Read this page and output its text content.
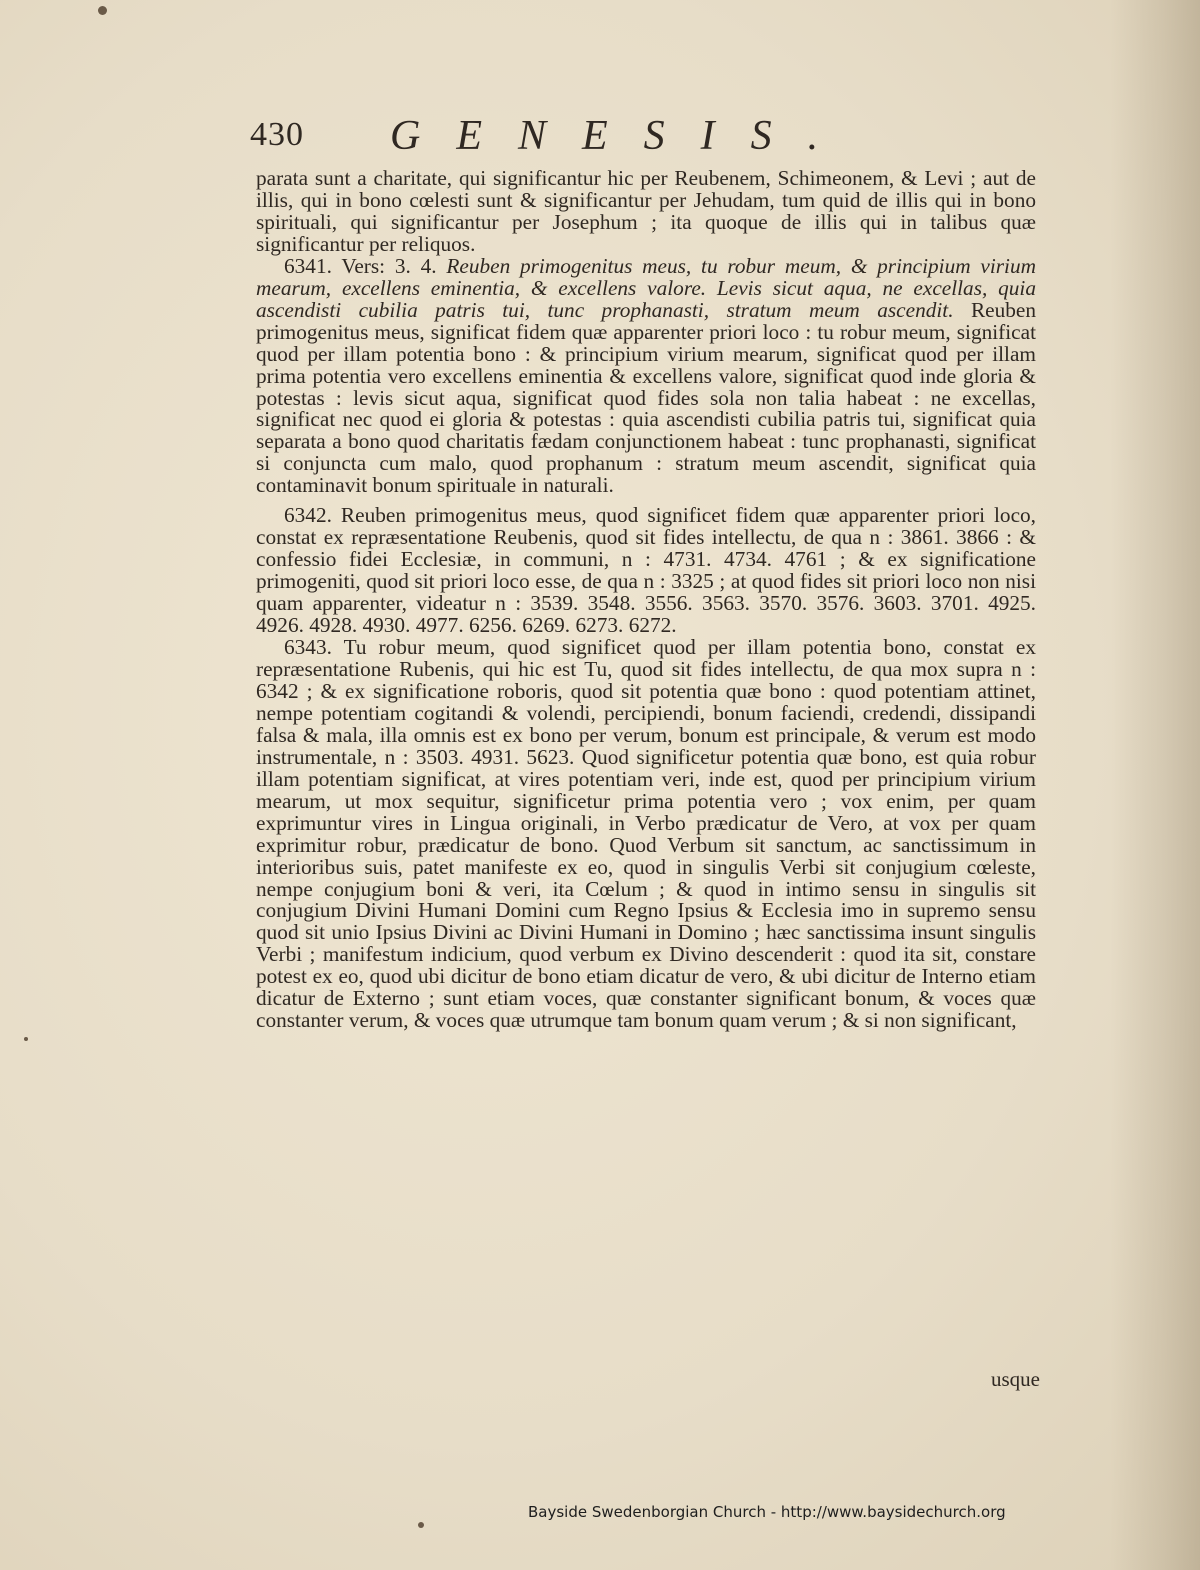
430 GENESIS.

parata sunt a charitate, qui significantur hic per Reubenem, Schimeonem, & Levi ; aut de illis, qui in bono cœlesti sunt & significantur per Jehudam, tum quid de illis qui in bono spirituali, qui significantur per Josephum ; ita quoque de illis qui in talibus quæ significantur per reliquos.

6341. Vers: 3. 4. Reuben primogenitus meus, tu robur meum, & principium virium mearum, excellens eminentia, & excellens valore. Levis sicut aqua, ne excellas, quia ascendisti cubilia patris tui, tunc prophanasti, stratum meum ascendit. Reuben primogenitus meus, significat fidem quæ apparenter priori loco : tu robur meum, significat quod per illam potentia bono : & principium virium mearum, significat quod per illam prima potentia vero excellens eminentia & excellens valore, significat quod inde gloria & potestas : levis sicut aqua, significat quod fides sola non talia habeat : ne excellas, significat nec quod ei gloria & potestas : quia ascendisti cubilia patris tui, significat quia separata a bono quod charitatis fædam conjunctionem habeat : tunc prophanasti, significat si conjuncta cum malo, quod prophanum : stratum meum ascendit, significat quia contaminavit bonum spirituale in naturali.

6342. Reuben primogenitus meus, quod significet fidem quæ apparenter priori loco, constat ex repræsentatione Reubenis, quod sit fides intellectu, de qua n : 3861. 3866 : & confessio fidei Ecclesiæ, in communi, n : 4731. 4734. 4761 ; & ex significatione primogeniti, quod sit priori loco esse, de qua n : 3325 ; at quod fides sit priori loco non nisi quam apparenter, videatur n : 3539. 3548. 3556. 3563. 3570. 3576. 3603. 3701. 4925. 4926. 4928. 4930. 4977. 6256. 6269. 6273. 6272.

6343. Tu robur meum, quod significet quod per illam potentia bono, constat ex repræsentatione Rubenis, qui hic est Tu, quod sit fides intellectu, de qua mox supra n : 6342 ; & ex significatione roboris, quod sit potentia quæ bono : quod potentiam attinet, nempe potentiam cogitandi & volendi, percipiendi, bonum faciendi, credendi, dissipandi falsa & mala, illa omnis est ex bono per verum, bonum est principale, & verum est modo instrumentale, n : 3503. 4931. 5623. Quod significetur potentia quæ bono, est quia robur illam potentiam significat, at vires potentiam veri, inde est, quod per principium virium mearum, ut mox sequitur, significetur prima potentia vero ; vox enim, per quam exprimuntur vires in Lingua originali, in Verbo prædicatur de Vero, at vox per quam exprimitur robur, prædicatur de bono. Quod Verbum sit sanctum, ac sanctissimum in interioribus suis, patet manifeste ex eo, quod in singulis Verbi sit conjugium cœleste, nempe conjugium boni & veri, ita Cœlum ; & quod in intimo sensu in singulis sit conjugium Divini Humani Domini cum Regno Ipsius & Ecclesia imo in supremo sensu quod sit unio Ipsius Divini ac Divini Humani in Domino ; hæc sanctissima insunt singulis Verbi ; manifestum indicium, quod verbum ex Divino descenderit : quod ita sit, constare potest ex eo, quod ubi dicitur de bono etiam dicatur de vero, & ubi dicitur de Interno etiam dicatur de Externo ; sunt etiam voces, quæ constanter significant bonum, & voces quæ constanter verum, & voces quæ utrumque tam bonum quam verum ; & si non significant,

usque
Bayside Swedenborgian Church - http://www.baysidechurch.org
